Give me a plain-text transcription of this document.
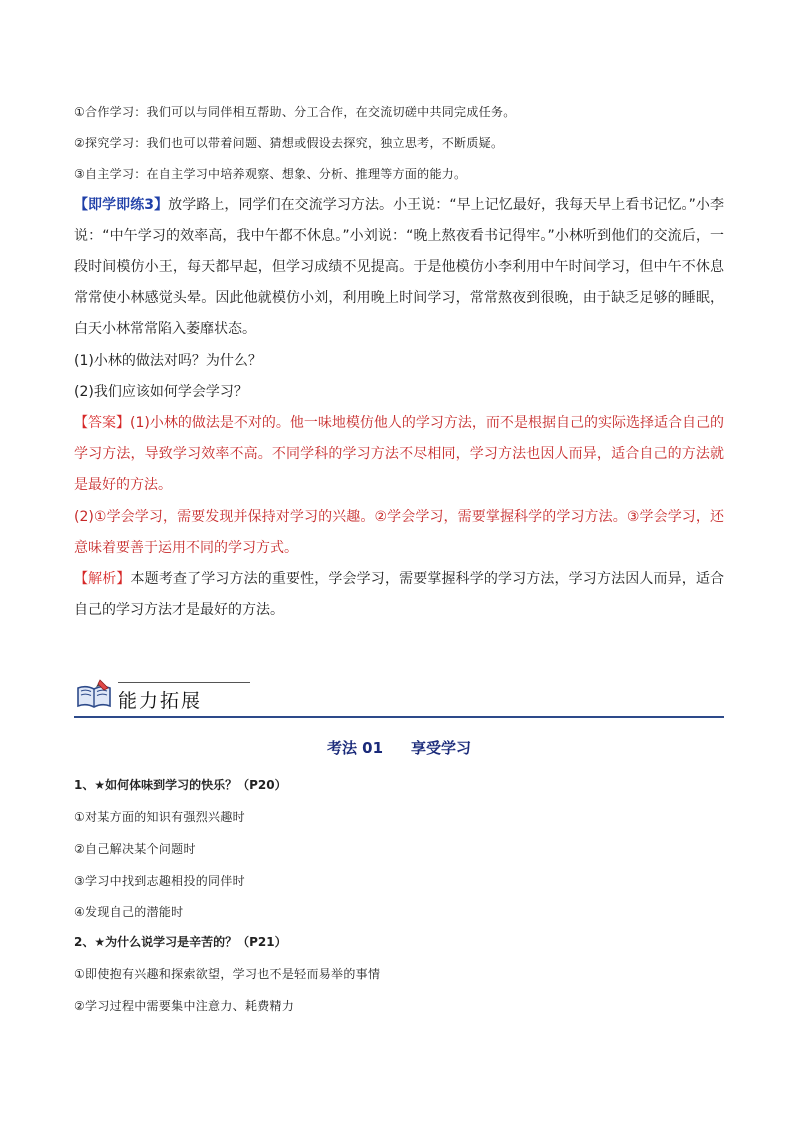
①合作学习：我们可以与同伴相互帮助、分工合作，在交流切磋中共同完成任务。
②探究学习：我们也可以带着问题、猜想或假设去探究，独立思考，不断质疑。
③自主学习：在自主学习中培养观察、想象、分析、推理等方面的能力。
【即学即练3】放学路上，同学们在交流学习方法。小王说：“早上记忆最好，我每天早上看书记忆。”小李说：“中午学习的效率高，我中午都不休息。”小刘说：“晚上熬夜看书记得牢。”小林听到他们的交流后，一段时间模仿小王，每天都早起，但学习成绩不见提高。于是他模仿小李利用中午时间学习，但中午不休息常常使小林感觉头晕。因此他就模仿小刘，利用晚上时间学习，常常熬夜到很晚，由于缺乏足够的睡眠，白天小林常常陷入萎靡状态。
(1)小林的做法对吗？为什么？
(2)我们应该如何学会学习？
【答案】(1)小林的做法是不对的。他一味地模仿他人的学习方法，而不是根据自己的实际选择适合自己的学习方法，导致学习效率不高。不同学科的学习方法不尽相同，学习方法也因人而异，适合自己的方法就是最好的方法。
(2)①学会学习，需要发现并保持对学习的兴趣。②学会学习，需要掌握科学的学习方法。③学会学习，还意味着要善于运用不同的学习方式。
【解析】本题考查了学习方法的重要性，学会学习，需要掌握科学的学习方法，学习方法因人而异，适合自己的学习方法才是最好的方法。
能力拓展
考法 01 享受学习
1、★如何体味到学习的快乐？（P20）
①对某方面的知识有强烈兴趣时
②自己解决某个问题时
③学习中找到志趣相投的同伴时
④发现自己的潜能时
2、★为什么说学习是辛苦的？（P21）
①即使抱有兴趣和探索欲望，学习也不是轻而易举的事情
②学习过程中需要集中注意力、耗费精力
